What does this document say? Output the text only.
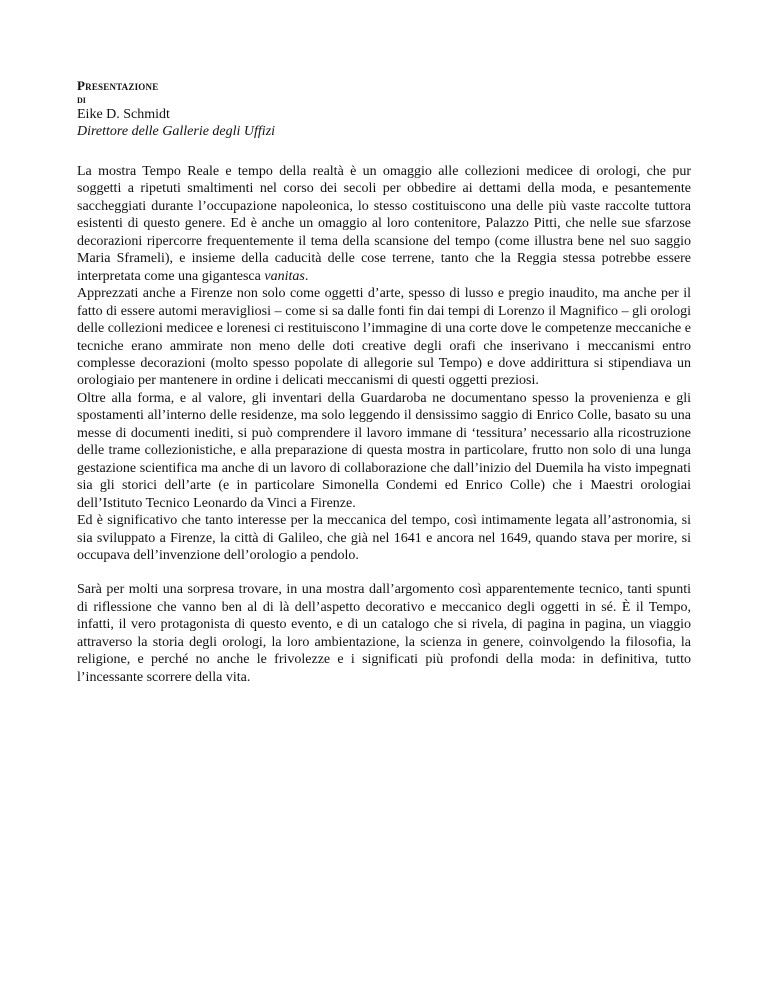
Presentazione
di
Eike D. Schmidt
Direttore delle Gallerie degli Uffizi

La mostra Tempo Reale e tempo della realtà è un omaggio alle collezioni medicee di orologi, che pur soggetti a ripetuti smaltimenti nel corso dei secoli per obbedire ai dettami della moda, e pesantemente saccheggiati durante l’occupazione napoleonica, lo stesso costituiscono una delle più vaste raccolte tuttora esistenti di questo genere. Ed è anche un omaggio al loro contenitore, Palazzo Pitti, che nelle sue sfarzose decorazioni ripercorre frequentemente il tema della scansione del tempo (come illustra bene nel suo saggio Maria Sframeli), e insieme della caducità delle cose terrene, tanto che la Reggia stessa potrebbe essere interpretata come una gigantesca vanitas.

Apprezzati anche a Firenze non solo come oggetti d’arte, spesso di lusso e pregio inaudito, ma anche per il fatto di essere automi meravigliosi – come si sa dalle fonti fin dai tempi di Lorenzo il Magnifico – gli orologi delle collezioni medicee e lorenesi ci restituiscono l’immagine di una corte dove le competenze meccaniche e tecniche erano ammirate non meno delle doti creative degli orafi che inserivano i meccanismi entro complesse decorazioni (molto spesso popolate di allegorie sul Tempo) e dove addirittura si stipendiava un orologiaio per mantenere in ordine i delicati meccanismi di questi oggetti preziosi.

Oltre alla forma, e al valore, gli inventari della Guardaroba ne documentano spesso la provenienza e gli spostamenti all’interno delle residenze, ma solo leggendo il densissimo saggio di Enrico Colle, basato su una messe di documenti inediti, si può comprendere il lavoro immane di ‘tessitura’ necessario alla ricostruzione delle trame collezionistiche, e alla preparazione di questa mostra in particolare, frutto non solo di una lunga gestazione scientifica ma anche di un lavoro di collaborazione che dall’inizio del Duemila ha visto impegnati sia gli storici dell’arte (e in particolare Simonella Condemi ed Enrico Colle) che i Maestri orologiai dell’Istituto Tecnico Leonardo da Vinci a Firenze.

Ed è significativo che tanto interesse per la meccanica del tempo, così intimamente legata all’astronomia, si sia sviluppato a Firenze, la città di Galileo, che già nel 1641 e ancora nel 1649, quando stava per morire, si occupava dell’invenzione dell’orologio a pendolo.

Sarà per molti una sorpresa trovare, in una mostra dall’argomento così apparentemente tecnico, tanti spunti di riflessione che vanno ben al di là dell’aspetto decorativo e meccanico degli oggetti in sé. È il Tempo, infatti, il vero protagonista di questo evento, e di un catalogo che si rivela, di pagina in pagina, un viaggio attraverso la storia degli orologi, la loro ambientazione, la scienza in genere, coinvolgendo la filosofia, la religione, e perché no anche le frivolezze e i significati più profondi della moda: in definitiva, tutto l’incessante scorrere della vita.
